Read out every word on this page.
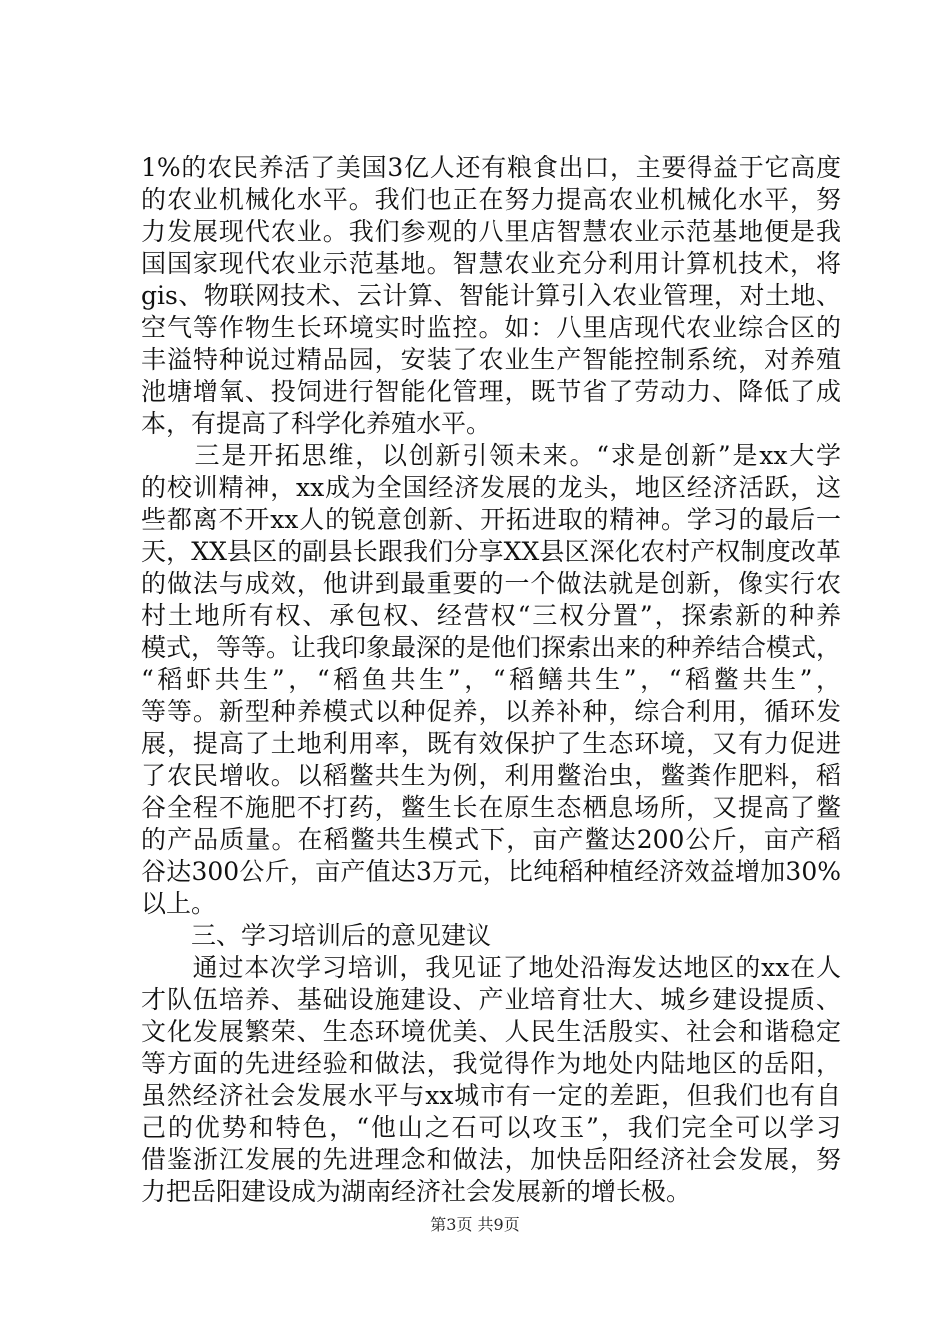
1%的农民养活了美国3亿人还有粮食出口，主要得益于它高度
的农业机械化水平。我们也正在努力提高农业机械化水平，努
力发展现代农业。我们参观的八里店智慧农业示范基地便是我
国国家现代农业示范基地。智慧农业充分利用计算机技术，将
gis、物联网技术、云计算、智能计算引入农业管理，对土地、
空气等作物生长环境实时监控。如：八里店现代农业综合区的
丰溢特种说过精品园，安装了农业生产智能控制系统，对养殖
池塘增氧、投饲进行智能化管理，既节省了劳动力、降低了成
本，有提高了科学化养殖水平。
　　三是开拓思维，以创新引领未来。“求是创新”是xx大学
的校训精神，xx成为全国经济发展的龙头，地区经济活跃，这
些都离不开xx人的锐意创新、开拓进取的精神。学习的最后一
天，XX县区的副县长跟我们分享XX县区深化农村产权制度改革
的做法与成效，他讲到最重要的一个做法就是创新，像实行农
村土地所有权、承包权、经营权“三权分置”，探索新的种养
模式，等等。让我印象最深的是他们探索出来的种养结合模式，
“稻虾共生”，“稻鱼共生”，“稻鳝共生”，“稻鳖共生”，
等等。新型种养模式以种促养，以养补种，综合利用，循环发
展，提高了土地利用率，既有效保护了生态环境，又有力促进
了农民增收。以稻鳖共生为例，利用鳖治虫，鳖粪作肥料，稻
谷全程不施肥不打药，鳖生长在原生态栖息场所，又提高了鳖
的产品质量。在稻鳖共生模式下，亩产鳖达200公斤，亩产稻
谷达300公斤，亩产值达3万元，比纯稻种植经济效益增加30%
以上。
　　三、学习培训后的意见建议
　　通过本次学习培训，我见证了地处沿海发达地区的xx在人
才队伍培养、基础设施建设、产业培育壮大、城乡建设提质、
文化发展繁荣、生态环境优美、人民生活殷实、社会和谐稳定
等方面的先进经验和做法，我觉得作为地处内陆地区的岳阳，
虽然经济社会发展水平与xx城市有一定的差距，但我们也有自
己的优势和特色，“他山之石可以攻玉”，我们完全可以学习
借鉴浙江发展的先进理念和做法，加快岳阳经济社会发展，努
力把岳阳建设成为湖南经济社会发展新的增长极。
第3页 共9页
